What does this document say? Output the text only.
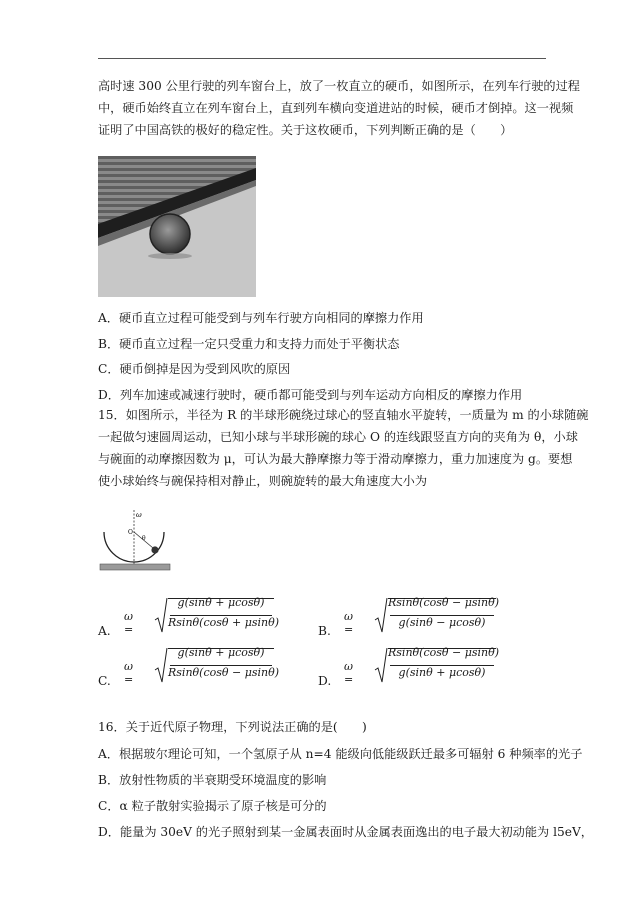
高时速 300 公里行驶的列车窗台上，放了一枚直立的硬币，如图所示，在列车行驶的过程
中，硬币始终直立在列车窗台上，直到列车横向变道进站的时候，硬币才倒掉。这一视频
证明了中国高铁的极好的稳定性。关于这枚硬币，下列判断正确的是（　　）
A．硬币直立过程可能受到与列车行驶方向相同的摩擦力作用
B．硬币直立过程一定只受重力和支持力而处于平衡状态
C．硬币倒掉是因为受到风吹的原因
D．列车加速或减速行驶时，硬币都可能受到与列车运动方向相反的摩擦力作用
15．如图所示，半径为 R 的半球形碗绕过球心的竖直轴水平旋转，一质量为 m 的小球随碗
一起做匀速圆周运动，已知小球与半球形碗的球心 O 的连线跟竖直方向的夹角为 θ，小球
与碗面的动摩擦因数为 μ，可认为最大静摩擦力等于滑动摩擦力，重力加速度为 g。要想
使小球始终与碗保持相对静止，则碗旋转的最大角速度大小为
ω
O
θ
A.
ω =
g(sinθ + μcosθ)
Rsinθ(cosθ + μsinθ)
B.
ω =
Rsinθ(cosθ − μsinθ)
g(sinθ − μcosθ)
C.
ω =
g(sinθ + μcosθ)
Rsinθ(cosθ − μsinθ)
D.
ω =
Rsinθ(cosθ − μsinθ)
g(sinθ + μcosθ)
16．关于近代原子物理，下列说法正确的是(　　)
A．根据玻尔理论可知，一个氢原子从 n=4 能级向低能级跃迁最多可辐射 6 种频率的光子
B．放射性物质的半衰期受环境温度的影响
C．α 粒子散射实验揭示了原子核是可分的
D．能量为 30eV 的光子照射到某一金属表面时从金属表面逸出的电子最大初动能为 l5eV，
